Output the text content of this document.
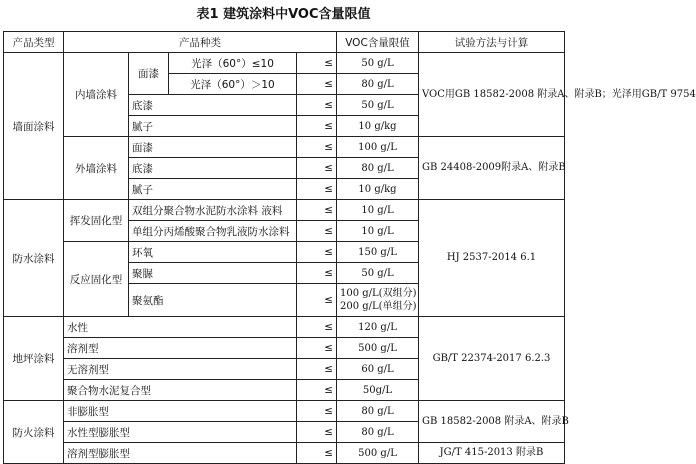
表1 建筑涂料中VOC含量限值
产品类型	产品种类				VOC含量限值	试验方法与计算
墙面涂料	内墙涂料	面漆	光泽（60°）≤10	≤	50 g/L	VOC用GB 18582-2008 附录A、附录B；光泽用GB/T 9754
			光泽（60°）＞10	≤	80 g/L	
		底漆		≤	50 g/L	
		腻子		≤	10 g/kg	
	外墙涂料	面漆		≤	100 g/L	GB 24408-2009附录A、附录B
		底漆		≤	80 g/L	
		腻子		≤	10 g/kg	
防水涂料	挥发固化型	双组分聚合物水泥防水涂料 液料		≤	10 g/L	HJ 2537-2014 6.1
		单组分丙烯酸聚合物乳液防水涂料		≤	10 g/L	
	反应固化型	环氧		≤	150 g/L	
		聚脲		≤	50 g/L	
		聚氨酯		≤	100 g/L(双组分)
200 g/L(单组分)	

地坪涂料	水性			≤	120 g/L	GB/T 22374-2017 6.2.3
	溶剂型			≤	500 g/L	
	无溶剂型			≤	60 g/L	
	聚合物水泥复合型			≤	50g/L	
防火涂料	非膨胀型			≤	80 g/L	GB 18582-2008 附录A、附录B
	水性型膨胀型			≤	80 g/L	
	溶剂型膨胀型			≤	500 g/L	JG/T 415-2013 附录B
